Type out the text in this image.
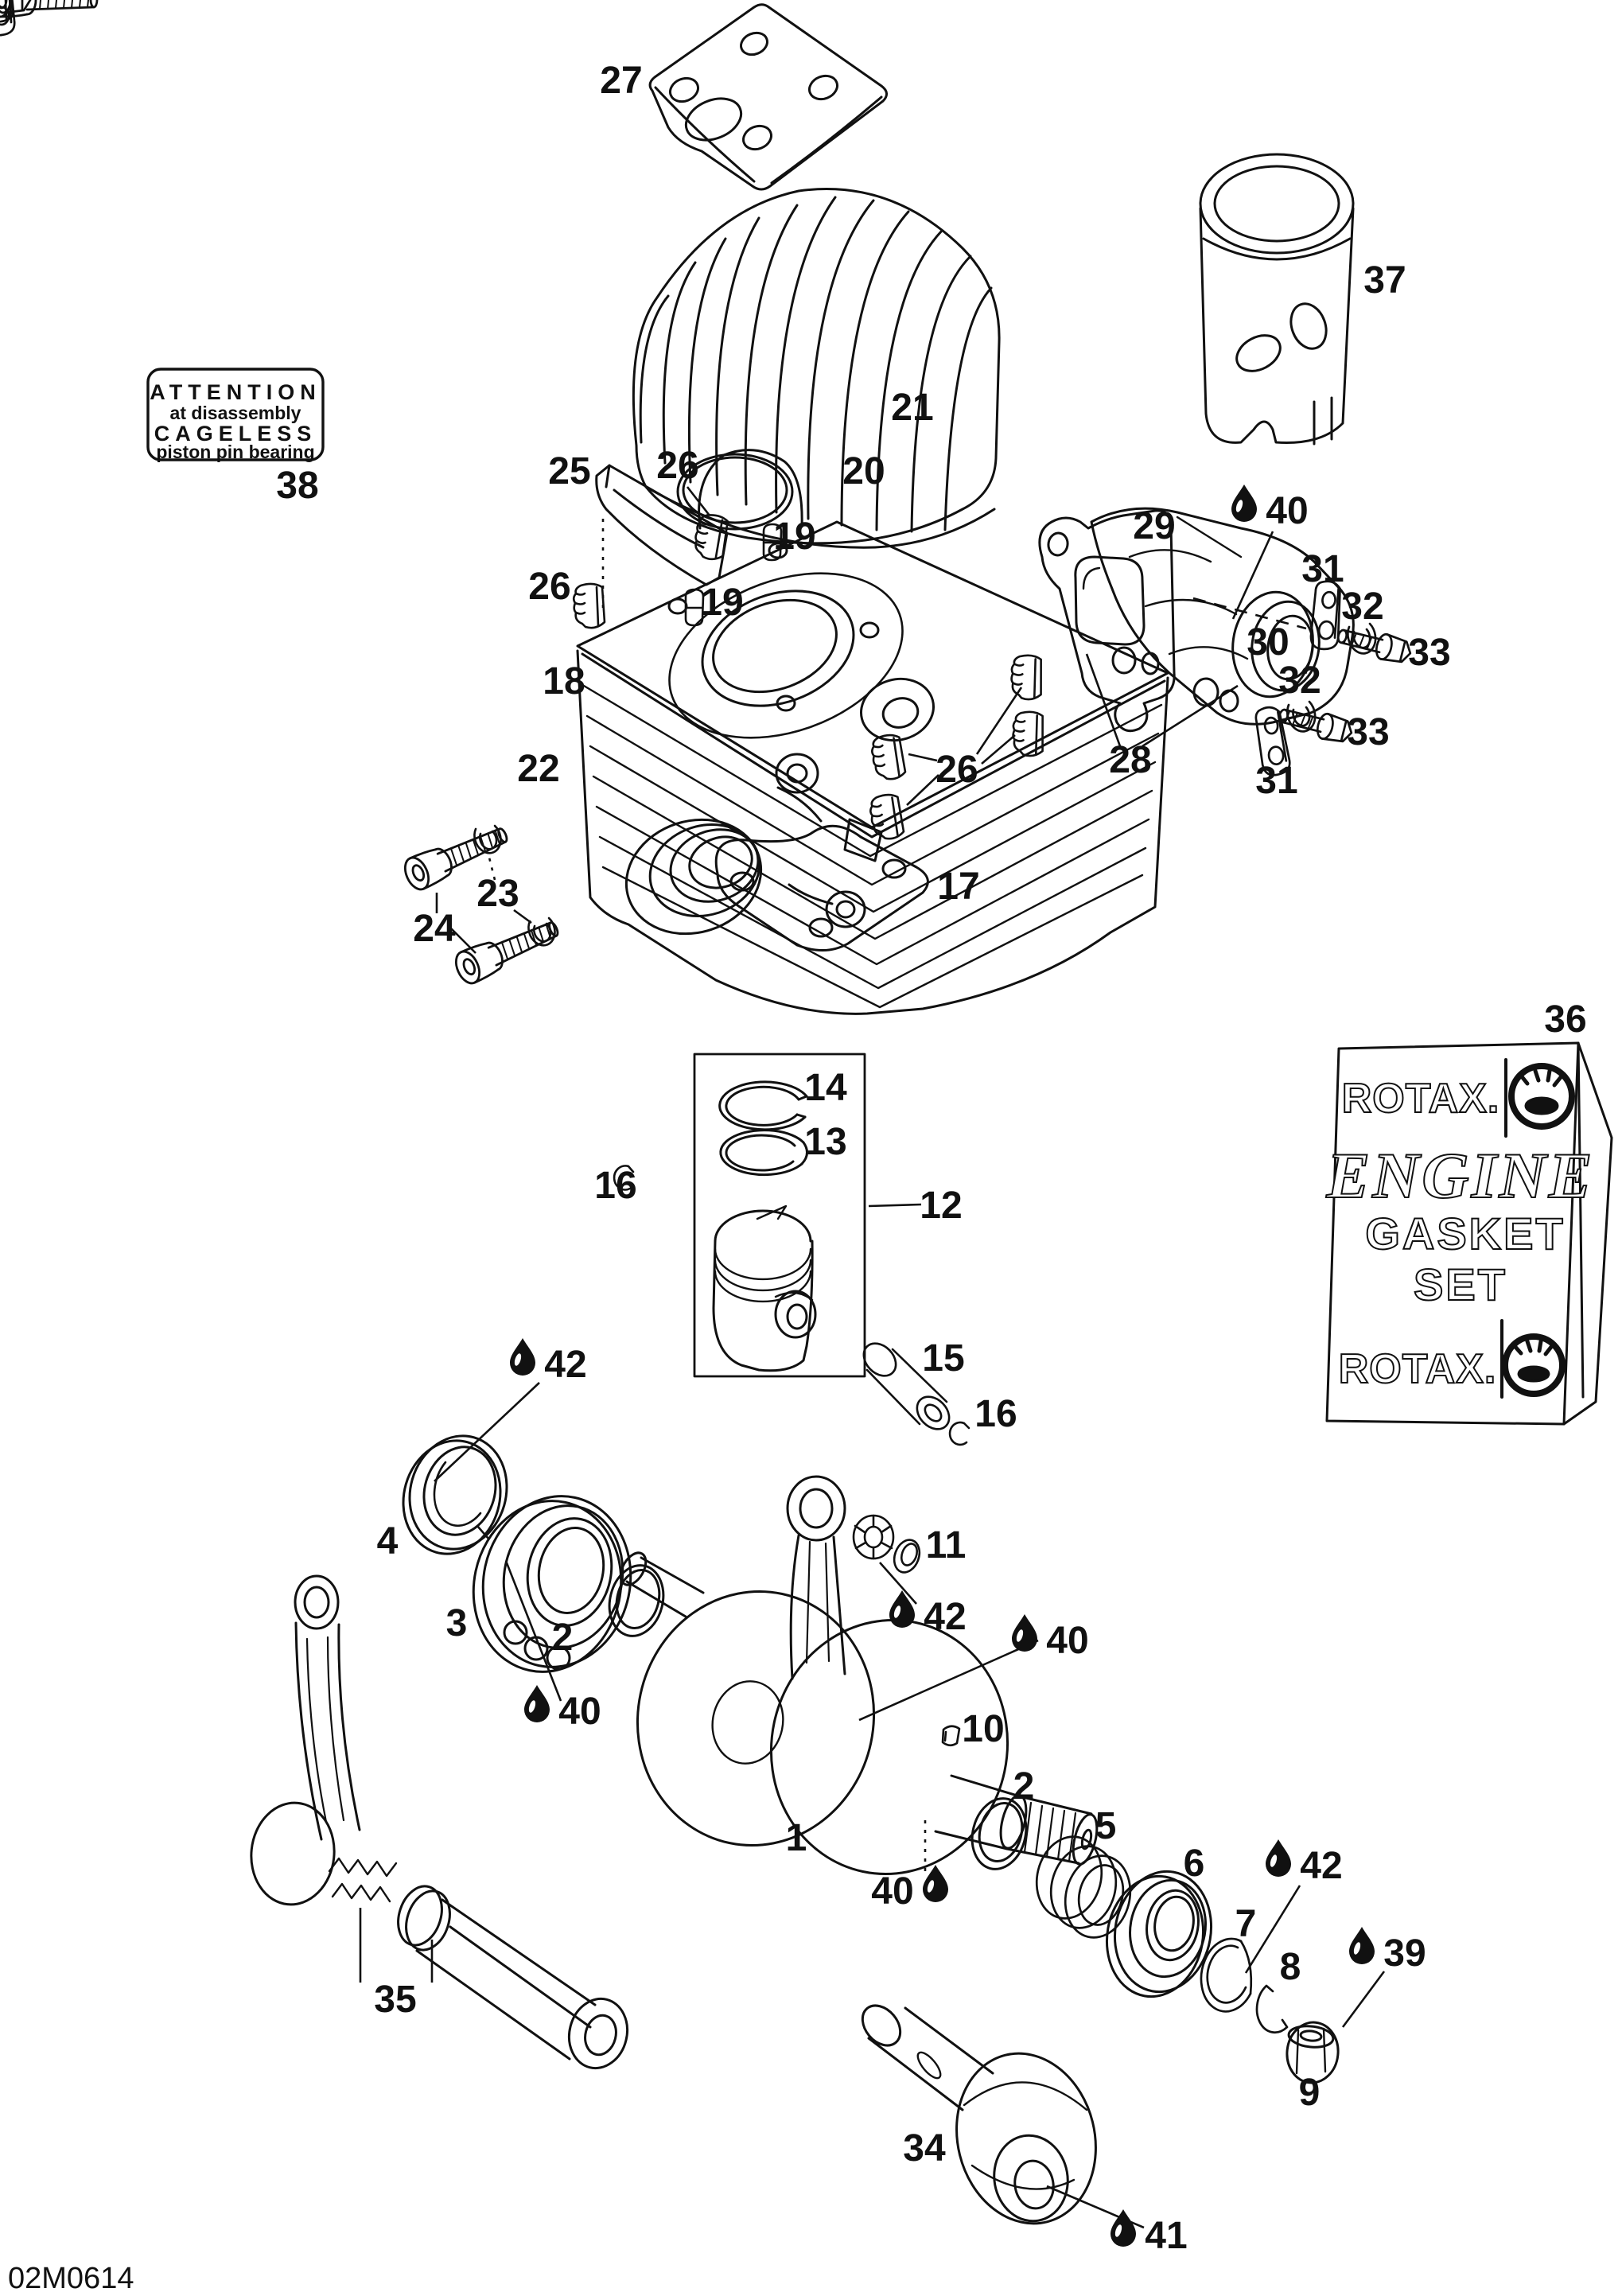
ATTENTION
at disassembly
CAGELESS
piston pin bearing
ROTAX.
ENGINE
GASKET
SET
ROTAX.
02M0614
27
21
37
38	25 26	20
19
19
26
18
26
22
23
24
17
29 40
31
32
33
30
32
33
31
28
36
14
13
16	12
15
16
42
4
3 2
40
11
42
40
10
1
2
5
40
6 42
7
8 39
9
34
41
35
